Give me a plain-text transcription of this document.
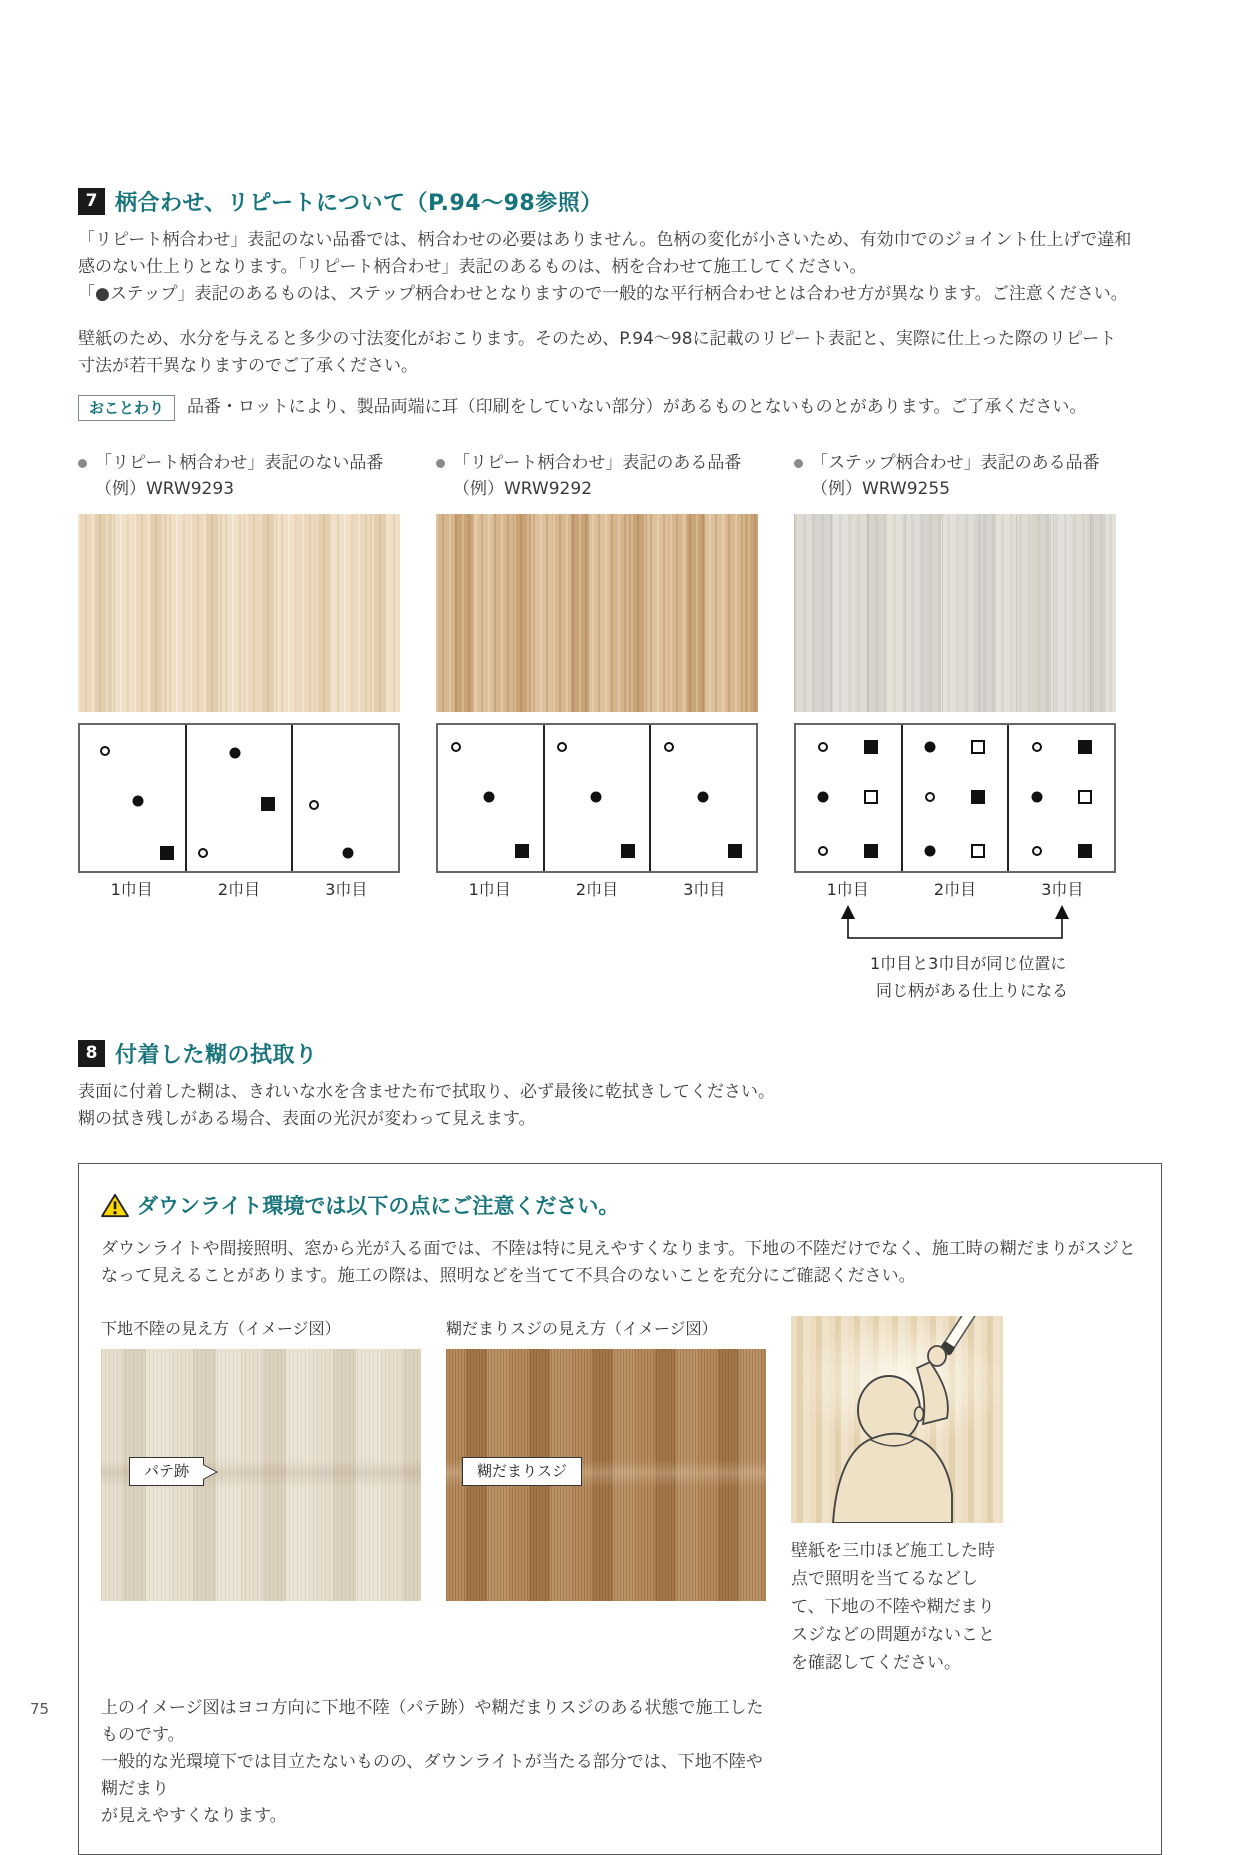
7 柄合わせ、リピートについて（P.94〜98参照）
「リピート柄合わせ」表記のない品番では、柄合わせの必要はありません。色柄の変化が小さいため、有効巾でのジョイント仕上げで違和
感のない仕上りとなります。「リピート柄合わせ」表記のあるものは、柄を合わせて施工してください。
「●ステップ」表記のあるものは、ステップ柄合わせとなりますので一般的な平行柄合わせとは合わせ方が異なります。ご注意ください。
壁紙のため、水分を与えると多少の寸法変化がおこります。そのため、P.94〜98に記載のリピート表記と、実際に仕上った際のリピート
寸法が若干異なりますのでご了承ください。
おことわり	品番・ロットにより、製品両端に耳（印刷をしていない部分）があるものとないものとがあります。ご了承ください。
「リピート柄合わせ」表記のない品番
（例）WRW9293
1巾目	2巾目	3巾目
「リピート柄合わせ」表記のある品番
（例）WRW9292
1巾目	2巾目	3巾目
「ステップ柄合わせ」表記のある品番
（例）WRW9255
1巾目	2巾目	3巾目
1巾目と3巾目が同じ位置に
同じ柄がある仕上りになる
8 付着した糊の拭取り
表面に付着した糊は、きれいな水を含ませた布で拭取り、必ず最後に乾拭きしてください。
糊の拭き残しがある場合、表面の光沢が変わって見えます。
ダウンライト環境では以下の点にご注意ください。
ダウンライトや間接照明、窓から光が入る面では、不陸は特に見えやすくなります。下地の不陸だけでなく、施工時の糊だまりがスジと
なって見えることがあります。施工の際は、照明などを当てて不具合のないことを充分にご確認ください。
下地不陸の見え方（イメージ図）
パテ跡
糊だまりスジの見え方（イメージ図）
糊だまりスジ
壁紙を三巾ほど施工した時点で照明を当てるなどして、下地の不陸や糊だまりスジなどの問題がないことを確認してください。
上のイメージ図はヨコ方向に下地不陸（パテ跡）や糊だまりスジのある状態で施工したものです。
一般的な光環境下では目立たないものの、ダウンライトが当たる部分では、下地不陸や糊だまり
が見えやすくなります。
75
